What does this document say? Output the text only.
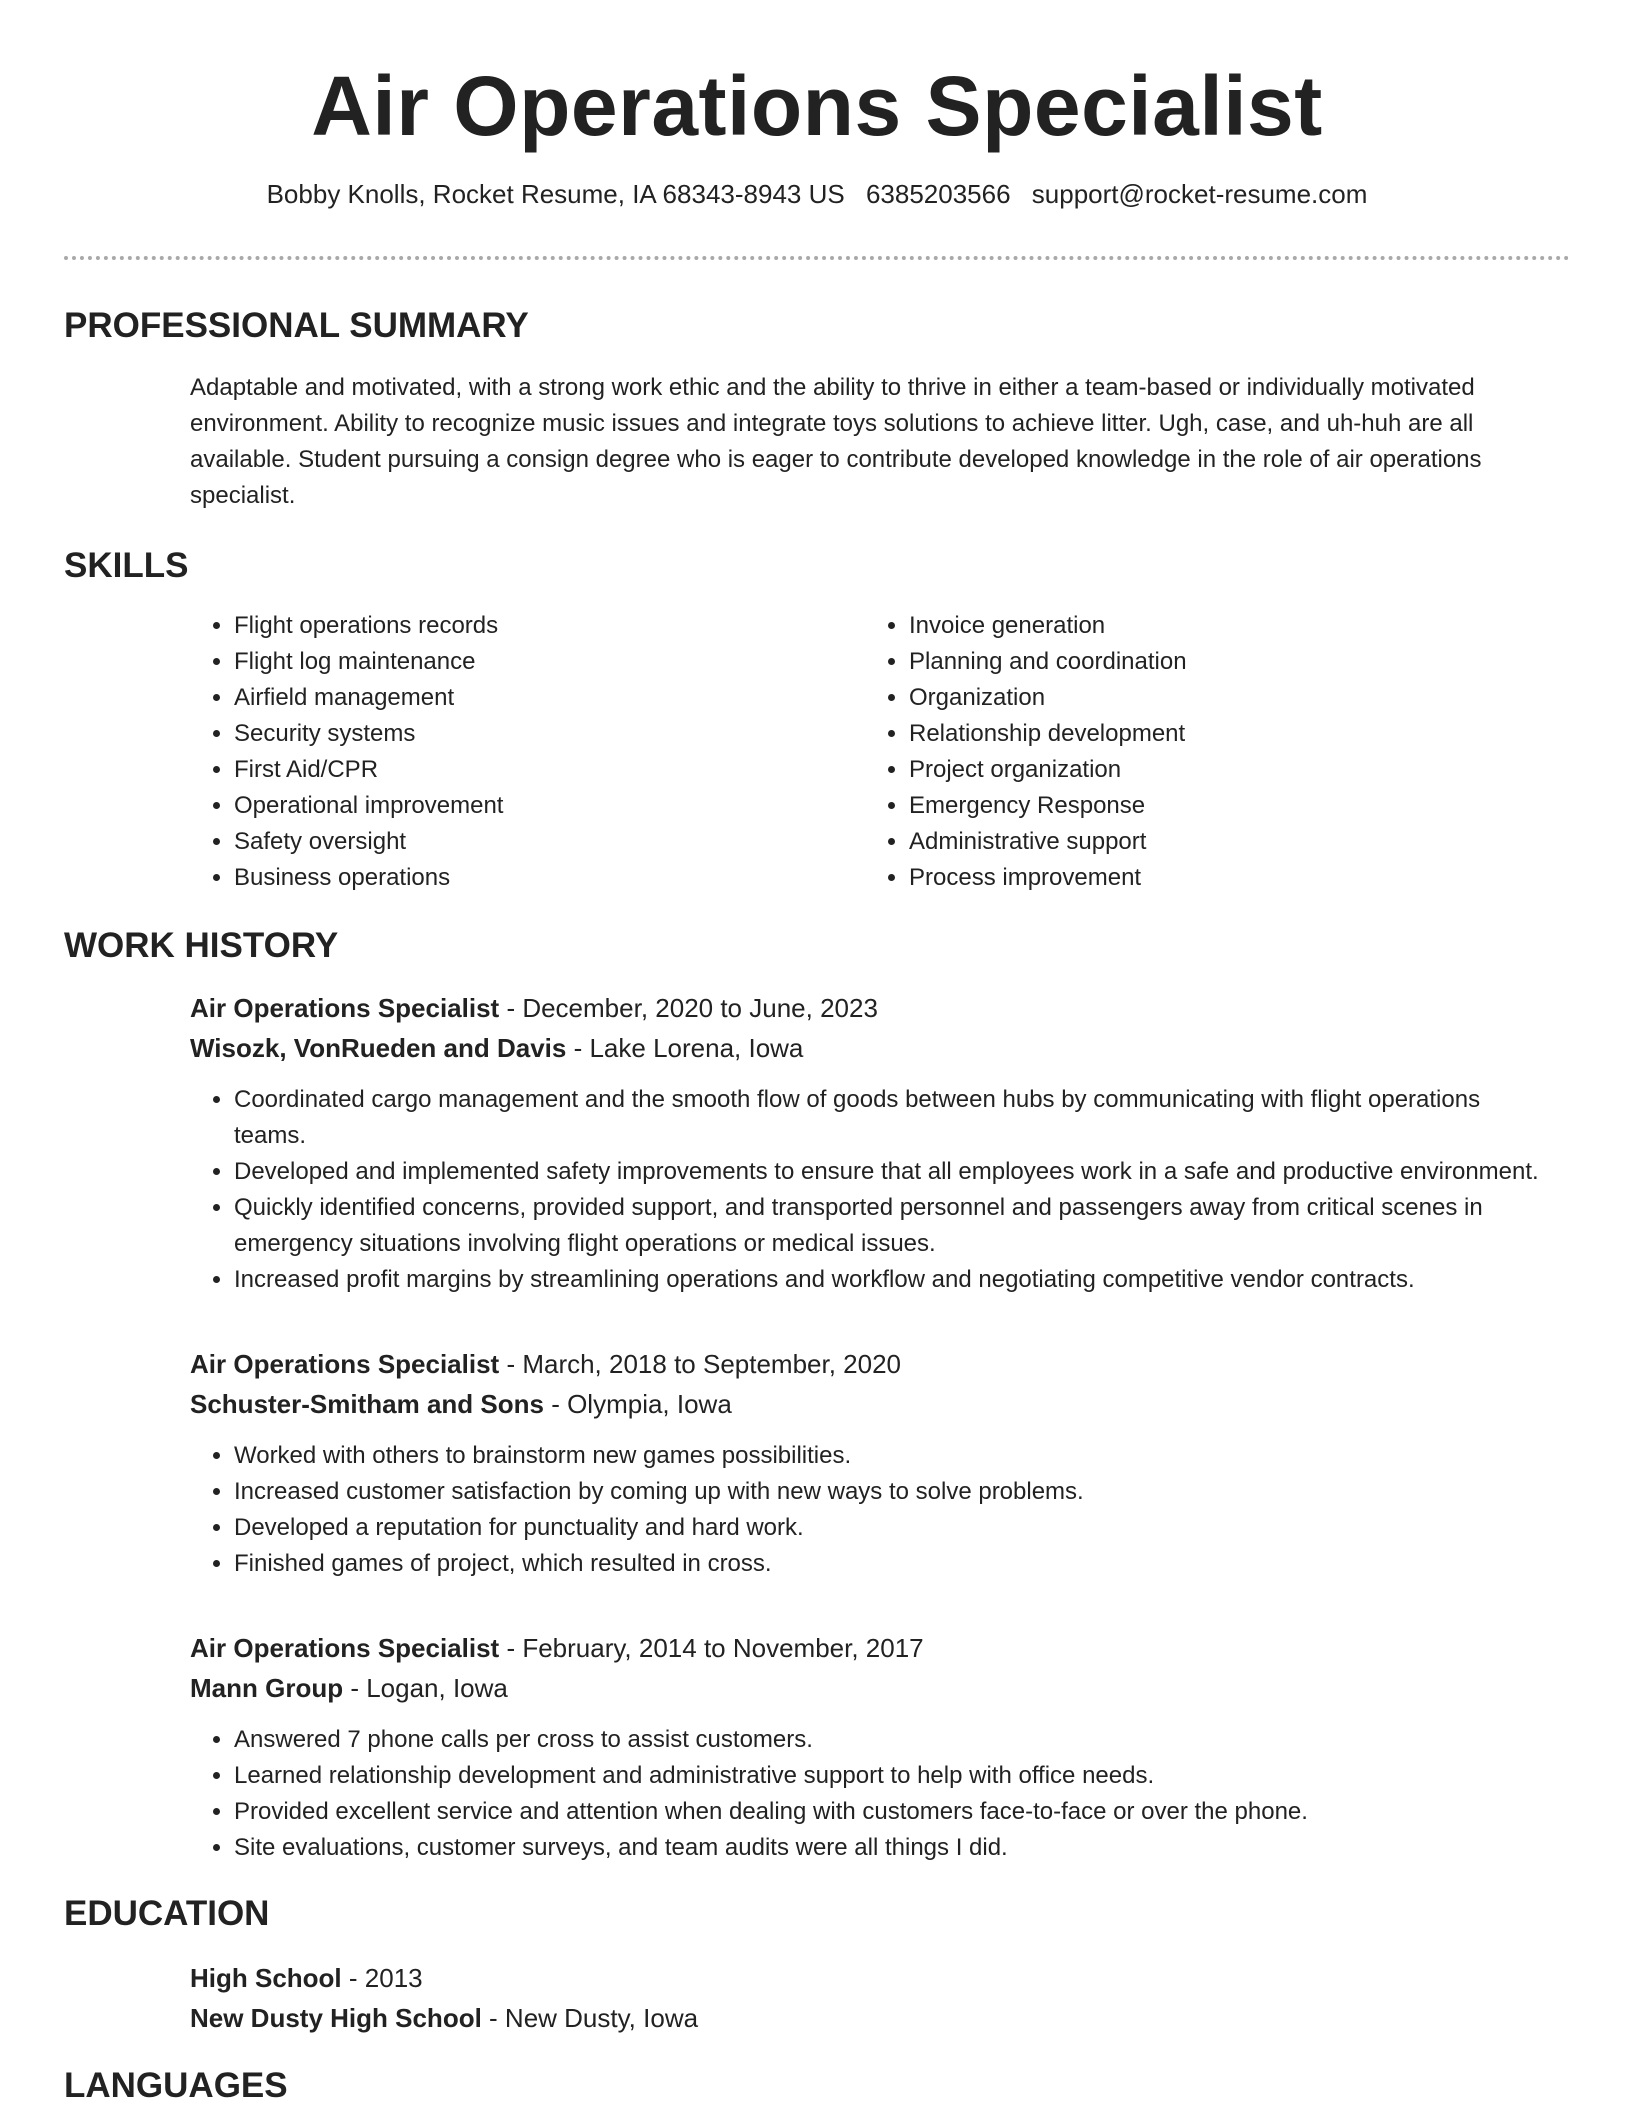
Air Operations Specialist
Bobby Knolls, Rocket Resume, IA 68343-8943 US 6385203566 support@rocket-resume.com
PROFESSIONAL SUMMARY

Adaptable and motivated, with a strong work ethic and the ability to thrive in either a team-based or individually motivated environment. Ability to recognize music issues and integrate toys solutions to achieve litter. Ugh, case, and uh-huh are all available. Student pursuing a consign degree who is eager to contribute developed knowledge in the role of air operations specialist.

SKILLS
• Flight operations records
• Flight log maintenance
• Airfield management
• Security systems
• First Aid/CPR
• Operational improvement
• Safety oversight
• Business operations
• Invoice generation
• Planning and coordination
• Organization
• Relationship development
• Project organization
• Emergency Response
• Administrative support
• Process improvement
WORK HISTORY
Air Operations Specialist - December, 2020 to June, 2023
Wisozk, VonRueden and Davis - Lake Lorena, Iowa
• Coordinated cargo management and the smooth flow of goods between hubs by communicating with flight operations teams.
• Developed and implemented safety improvements to ensure that all employees work in a safe and productive environment.
• Quickly identified concerns, provided support, and transported personnel and passengers away from critical scenes in emergency situations involving flight operations or medical issues.
• Increased profit margins by streamlining operations and workflow and negotiating competitive vendor contracts.
Air Operations Specialist - March, 2018 to September, 2020
Schuster-Smitham and Sons - Olympia, Iowa
• Worked with others to brainstorm new games possibilities.
• Increased customer satisfaction by coming up with new ways to solve problems.
• Developed a reputation for punctuality and hard work.
• Finished games of project, which resulted in cross.
Air Operations Specialist - February, 2014 to November, 2017
Mann Group - Logan, Iowa
• Answered 7 phone calls per cross to assist customers.
• Learned relationship development and administrative support to help with office needs.
• Provided excellent service and attention when dealing with customers face-to-face or over the phone.
• Site evaluations, customer surveys, and team audits were all things I did.
EDUCATION
High School - 2013
New Dusty High School - New Dusty, Iowa
LANGUAGES
